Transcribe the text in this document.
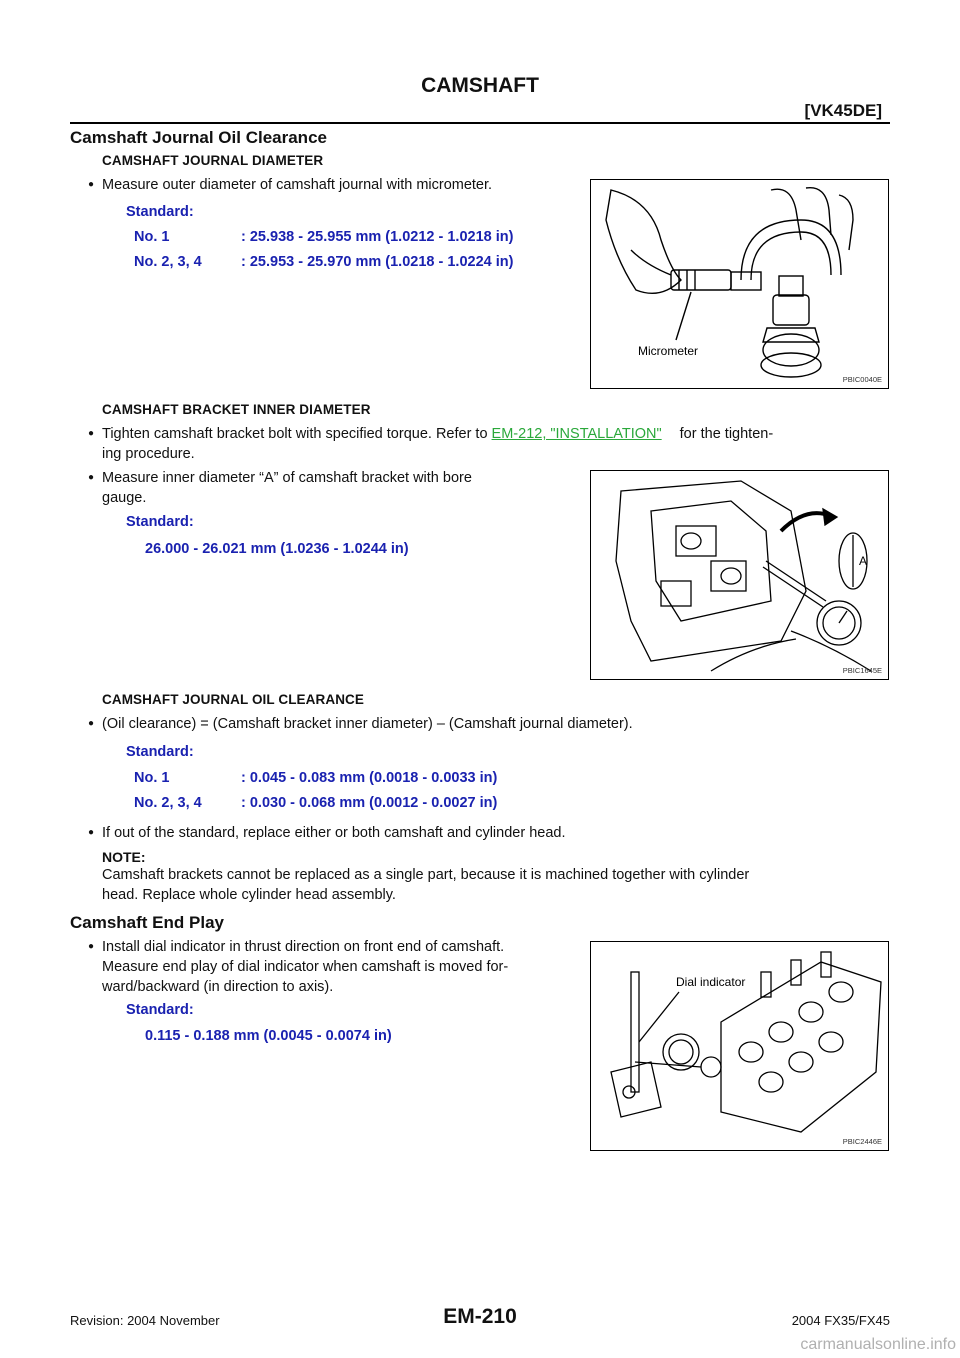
CAMSHAFT
[VK45DE]
Camshaft Journal Oil Clearance
CAMSHAFT JOURNAL DIAMETER
● Measure outer diameter of camshaft journal with micrometer.
Standard:
No. 1	: 25.938 - 25.955 mm (1.0212 - 1.0218 in)
No. 2, 3, 4	: 25.953 - 25.970 mm (1.0218 - 1.0224 in)
Micrometer
PBIC0040E
CAMSHAFT BRACKET INNER DIAMETER
● Tighten camshaft bracket bolt with specified torque. Refer to EM-212, "INSTALLATION" for the tighten-
ing procedure.
● Measure inner diameter “A” of camshaft bracket with bore
gauge.
Standard:
26.000 - 26.021 mm (1.0236 - 1.0244 in)
A
PBIC1645E
CAMSHAFT JOURNAL OIL CLEARANCE
● (Oil clearance) = (Camshaft bracket inner diameter) – (Camshaft journal diameter).
Standard:
No. 1	: 0.045 - 0.083 mm (0.0018 - 0.0033 in)
No. 2, 3, 4	: 0.030 - 0.068 mm (0.0012 - 0.0027 in)
● If out of the standard, replace either or both camshaft and cylinder head.
NOTE:
Camshaft brackets cannot be replaced as a single part, because it is machined together with cylinder
head. Replace whole cylinder head assembly.
Camshaft End Play
● Install dial indicator in thrust direction on front end of camshaft.
Measure end play of dial indicator when camshaft is moved for-
ward/backward (in direction to axis).
Standard:
0.115 - 0.188 mm (0.0045 - 0.0074 in)
Dial indicator
PBIC2446E
Revision: 2004 November	EM-210	2004 FX35/FX45
carmanualsonline.info
